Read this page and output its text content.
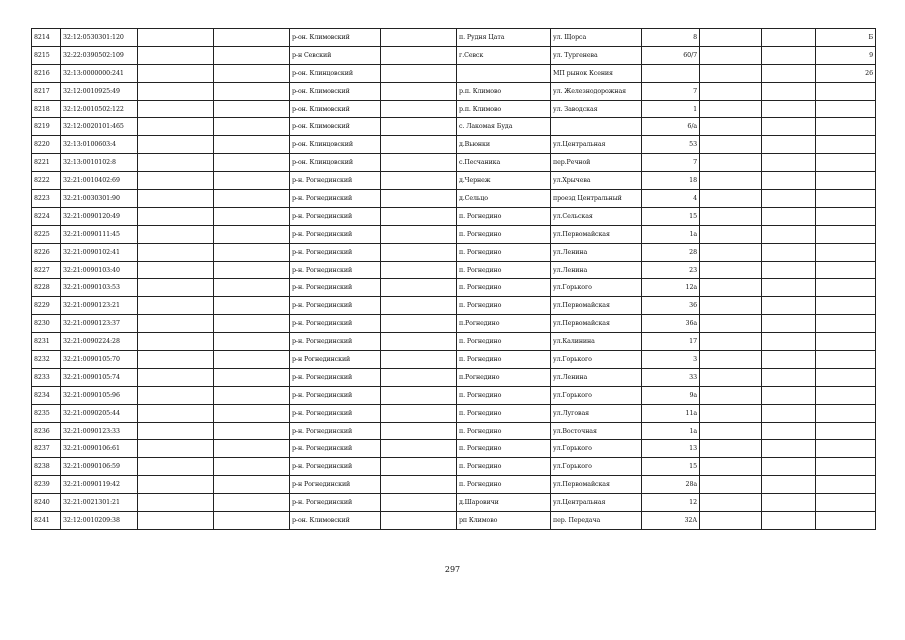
8214	32:12:0530301:120			р-он. Климовский		п. Рудня Цата	ул. Щорса	8			Б
8215	32:22:0390502:109			р-н Севский		г.Севск	ул. Тургенева	60/7			9
8216	32:13:0000000:241			р-он. Клинцовский			МП рынок Ксения				26
8217	32:12:0010925:49			р-он. Климовский		р.п. Климово	ул. Железнодорожная	7			
8218	32:12:0010502:122			р-он. Климовский		р.п. Климово	ул. Заводская	1			
8219	32:12:0020101:465			р-он. Климовский		с. Лакомая Буда		6/а			
8220	32:13:0100603:4			р-он. Клинцовский		д.Вьюнки	ул.Центральная	53			
8221	32:13:0010102:8			р-он. Клинцовский		с.Песчаника	пер.Речной	7			
8222	32:21:0010402:69			р-н. Рогнединский		д.Чернеж	ул.Хрычева	18			
8223	32:21:0030301:90			р-н. Рогнединский		д.Сельцо	проезд Центральный	4			
8224	32:21:0090120:49			р-н. Рогнединский		п. Рогнедино	ул.Сельская	15			
8225	32:21:0090111:45			р-н. Рогнединский		п. Рогнедино	ул.Первомайская	1а			
8226	32:21:0090102:41			р-н. Рогнединский		п. Рогнедино	ул.Ленина	28			
8227	32:21:0090103:40			р-н. Рогнединский		п. Рогнедино	ул.Ленина	23			
8228	32:21:0090103:53			р-н. Рогнединский		п. Рогнедино	ул.Горького	12а			
8229	32:21:0090123:21			р-н. Рогнединский		п. Рогнедино	ул.Первомайская	36			
8230	32:21:0090123:37			р-н. Рогнединский		п.Рогнедино	ул.Первомайская	36а			
8231	32:21:0090224:28			р-н. Рогнединский		п. Рогнедино	ул.Калинина	17			
8232	32:21:0090105:70			р-н Рогнединский		п. Рогнедино	ул.Горького	3			
8233	32:21:0090105:74			р-н. Рогнединский		п.Рогнедино	ул.Ленина	33			
8234	32:21:0090105:96			р-н. Рогнединский		п. Рогнедино	ул.Горького	9а			
8235	32:21:0090205:44			р-н. Рогнединский		п. Рогнедино	ул.Луговая	11а			
8236	32:21:0090123:33			р-н. Рогнединский		п. Рогнедино	ул.Восточная	1а			
8237	32:21:0090106:61			р-н. Рогнединский		п. Рогнедино	ул.Горького	13			
8238	32:21:0090106:59			р-н. Рогнединский		п. Рогнедино	ул.Горького	15			
8239	32:21:0090119:42			р-н Рогнединский		п. Рогнедино	ул.Первомайская	28а			
8240	32:21:0021301:21			р-н. Рогнединский		д.Шаровичи	ул.Центральная	12			
8241	32:12:0010209:38			р-он. Климовский		рп Климово	пер. Передача	32А			
297
